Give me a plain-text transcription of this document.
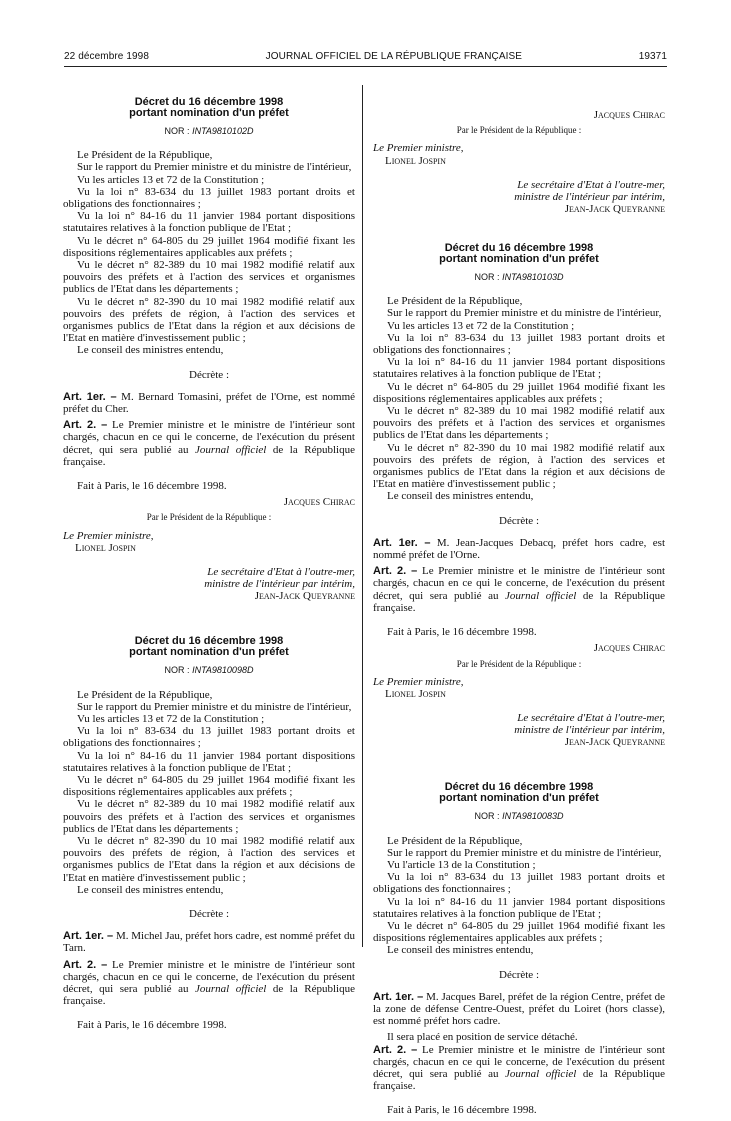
22 décembre 1998	JOURNAL OFFICIEL DE LA RÉPUBLIQUE FRANÇAISE	19371

Décret du 16 décembre 1998

portant nomination d'un préfet

NOR : INTA9810102D

Le Président de la République,

Sur le rapport du Premier ministre et du ministre de l'intérieur,

Vu les articles 13 et 72 de la Constitution ;

Vu la loi n° 83-634 du 13 juillet 1983 portant droits et obligations des fonctionnaires ;

Vu la loi n° 84-16 du 11 janvier 1984 portant dispositions statutaires relatives à la fonction publique de l'Etat ;

Vu le décret n° 64-805 du 29 juillet 1964 modifié fixant les dispositions réglementaires applicables aux préfets ;

Vu le décret n° 82-389 du 10 mai 1982 modifié relatif aux pouvoirs des préfets et à l'action des services et organismes publics de l'Etat dans les départements ;

Vu le décret n° 82-390 du 10 mai 1982 modifié relatif aux pouvoirs des préfets de région, à l'action des services et organismes publics de l'Etat dans la région et aux décisions de l'Etat en matière d'investissement public ;

Le conseil des ministres entendu,

Décrète :

Art. 1er. – M. Bernard Tomasini, préfet de l'Orne, est nommé préfet du Cher.

Art. 2. – Le Premier ministre et le ministre de l'intérieur sont chargés, chacun en ce qui le concerne, de l'exécution du présent décret, qui sera publié au Journal officiel de la République française.

Fait à Paris, le 16 décembre 1998.

Jacques Chirac
Par le Président de la République :
Le Premier ministre,
Lionel Jospin
Le secrétaire d'Etat à l'outre-mer,
ministre de l'intérieur par intérim,
Jean-Jack Queyranne

Décret du 16 décembre 1998

portant nomination d'un préfet

NOR : INTA9810098D

Le Président de la République,

Sur le rapport du Premier ministre et du ministre de l'intérieur,

Vu les articles 13 et 72 de la Constitution ;

Vu la loi n° 83-634 du 13 juillet 1983 portant droits et obligations des fonctionnaires ;

Vu la loi n° 84-16 du 11 janvier 1984 portant dispositions statutaires relatives à la fonction publique de l'Etat ;

Vu le décret n° 64-805 du 29 juillet 1964 modifié fixant les dispositions réglementaires applicables aux préfets ;

Vu le décret n° 82-389 du 10 mai 1982 modifié relatif aux pouvoirs des préfets et à l'action des services et organismes publics de l'Etat dans les départements ;

Vu le décret n° 82-390 du 10 mai 1982 modifié relatif aux pouvoirs des préfets de région, à l'action des services et organismes publics de l'Etat dans la région et aux décisions de l'Etat en matière d'investissement public ;

Le conseil des ministres entendu,

Décrète :

Art. 1er. – M. Michel Jau, préfet hors cadre, est nommé préfet du Tarn.

Art. 2. – Le Premier ministre et le ministre de l'intérieur sont chargés, chacun en ce qui le concerne, de l'exécution du présent décret, qui sera publié au Journal officiel de la République française.

Fait à Paris, le 16 décembre 1998.

Jacques Chirac
Par le Président de la République :
Le Premier ministre,
Lionel Jospin
Le secrétaire d'Etat à l'outre-mer,
ministre de l'intérieur par intérim,
Jean-Jack Queyranne

Décret du 16 décembre 1998

portant nomination d'un préfet

NOR : INTA9810103D

Le Président de la République,

Sur le rapport du Premier ministre et du ministre de l'intérieur,

Vu les articles 13 et 72 de la Constitution ;

Vu la loi n° 83-634 du 13 juillet 1983 portant droits et obligations des fonctionnaires ;

Vu la loi n° 84-16 du 11 janvier 1984 portant dispositions statutaires relatives à la fonction publique de l'Etat ;

Vu le décret n° 64-805 du 29 juillet 1964 modifié fixant les dispositions réglementaires applicables aux préfets ;

Vu le décret n° 82-389 du 10 mai 1982 modifié relatif aux pouvoirs des préfets et à l'action des services et organismes publics de l'Etat dans les départements ;

Vu le décret n° 82-390 du 10 mai 1982 modifié relatif aux pouvoirs des préfets de région, à l'action des services et organismes publics de l'Etat dans la région et aux décisions de l'Etat en matière d'investissement public ;

Le conseil des ministres entendu,

Décrète :

Art. 1er. – M. Jean-Jacques Debacq, préfet hors cadre, est nommé préfet de l'Orne.

Art. 2. – Le Premier ministre et le ministre de l'intérieur sont chargés, chacun en ce qui le concerne, de l'exécution du présent décret, qui sera publié au Journal officiel de la République française.

Fait à Paris, le 16 décembre 1998.

Jacques Chirac
Par le Président de la République :
Le Premier ministre,
Lionel Jospin
Le secrétaire d'Etat à l'outre-mer,
ministre de l'intérieur par intérim,
Jean-Jack Queyranne

Décret du 16 décembre 1998

portant nomination d'un préfet

NOR : INTA9810083D

Le Président de la République,

Sur le rapport du Premier ministre et du ministre de l'intérieur,

Vu l'article 13 de la Constitution ;

Vu la loi n° 83-634 du 13 juillet 1983 portant droits et obligations des fonctionnaires ;

Vu la loi n° 84-16 du 11 janvier 1984 portant dispositions statutaires relatives à la fonction publique de l'Etat ;

Vu le décret n° 64-805 du 29 juillet 1964 modifié fixant les dispositions réglementaires applicables aux préfets ;

Le conseil des ministres entendu,

Décrète :

Art. 1er. – M. Jacques Barel, préfet de la région Centre, préfet de la zone de défense Centre-Ouest, préfet du Loiret (hors classe), est nommé préfet hors cadre.

Il sera placé en position de service détaché.

Art. 2. – Le Premier ministre et le ministre de l'intérieur sont chargés, chacun en ce qui le concerne, de l'exécution du présent décret, qui sera publié au Journal officiel de la République française.

Fait à Paris, le 16 décembre 1998.
